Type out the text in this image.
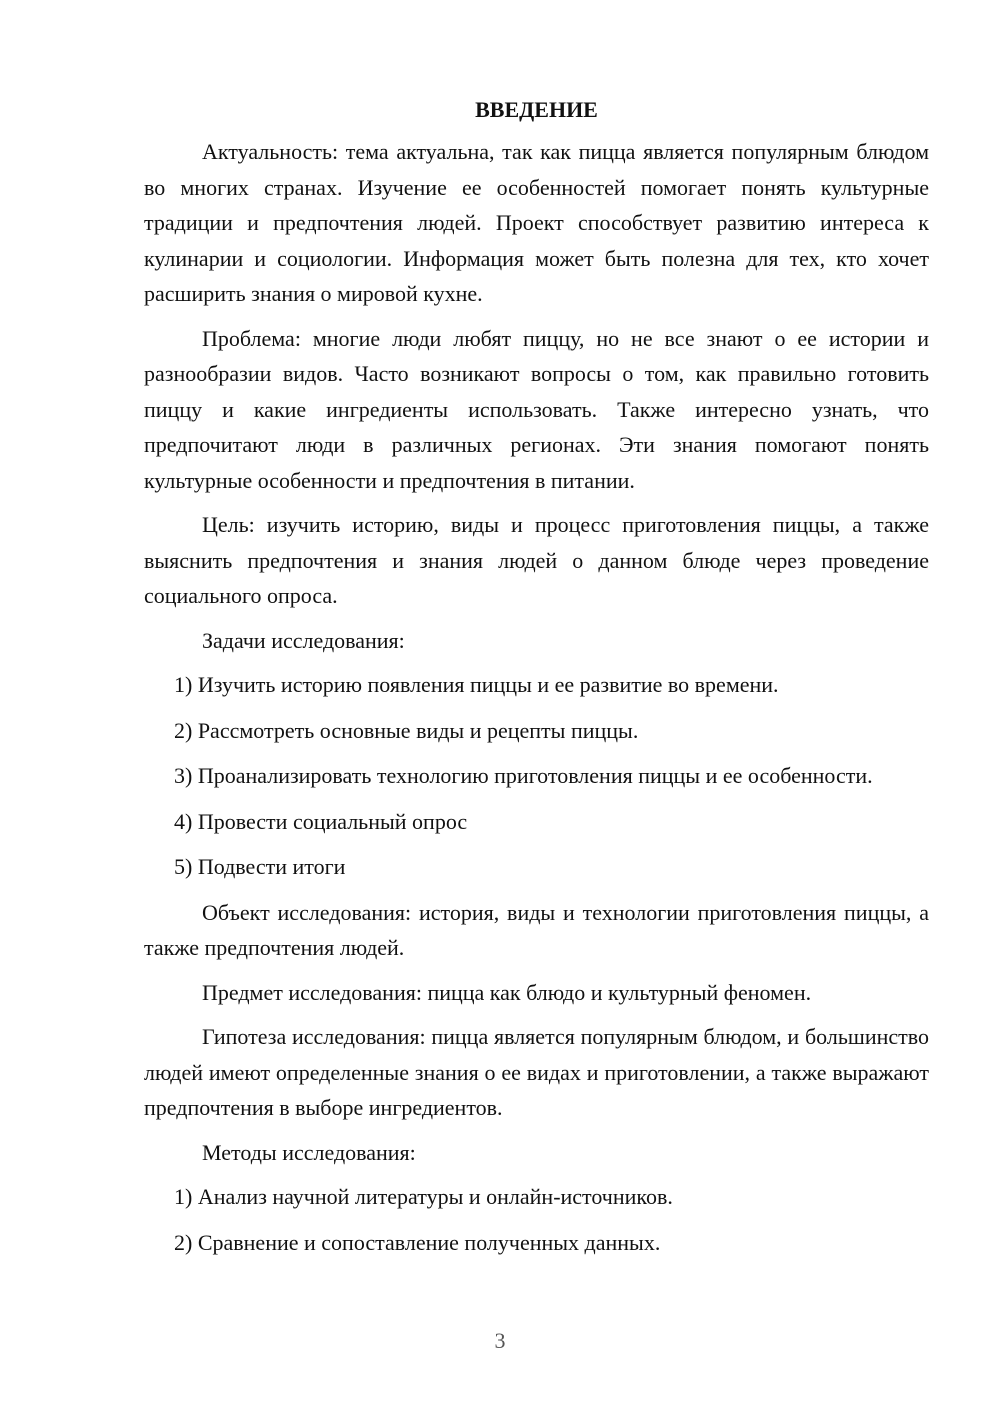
ВВЕДЕНИЕ
Актуальность: тема актуальна, так как пицца является популярным блюдом во многих странах. Изучение ее особенностей помогает понять культурные традиции и предпочтения людей. Проект способствует развитию интереса к кулинарии и социологии. Информация может быть полезна для тех, кто хочет расширить знания о мировой кухне.
Проблема: многие люди любят пиццу, но не все знают о ее истории и разнообразии видов. Часто возникают вопросы о том, как правильно готовить пиццу и какие ингредиенты использовать. Также интересно узнать, что предпочитают люди в различных регионах. Эти знания помогают понять культурные особенности и предпочтения в питании.
Цель: изучить историю, виды и процесс приготовления пиццы, а также выяснить предпочтения и знания людей о данном блюде через проведение социального опроса.
Задачи исследования:
1) Изучить историю появления пиццы и ее развитие во времени.
2) Рассмотреть основные виды и рецепты пиццы.
3) Проанализировать технологию приготовления пиццы и ее особенности.
4) Провести социальный опрос
5) Подвести итоги
Объект исследования: история, виды и технологии приготовления пиццы, а также предпочтения людей.
Предмет исследования: пицца как блюдо и культурный феномен.
Гипотеза исследования: пицца является популярным блюдом, и большинство людей имеют определенные знания о ее видах и приготовлении, а также выражают предпочтения в выборе ингредиентов.
Методы исследования:
1) Анализ научной литературы и онлайн-источников.
2) Сравнение и сопоставление полученных данных.
3
